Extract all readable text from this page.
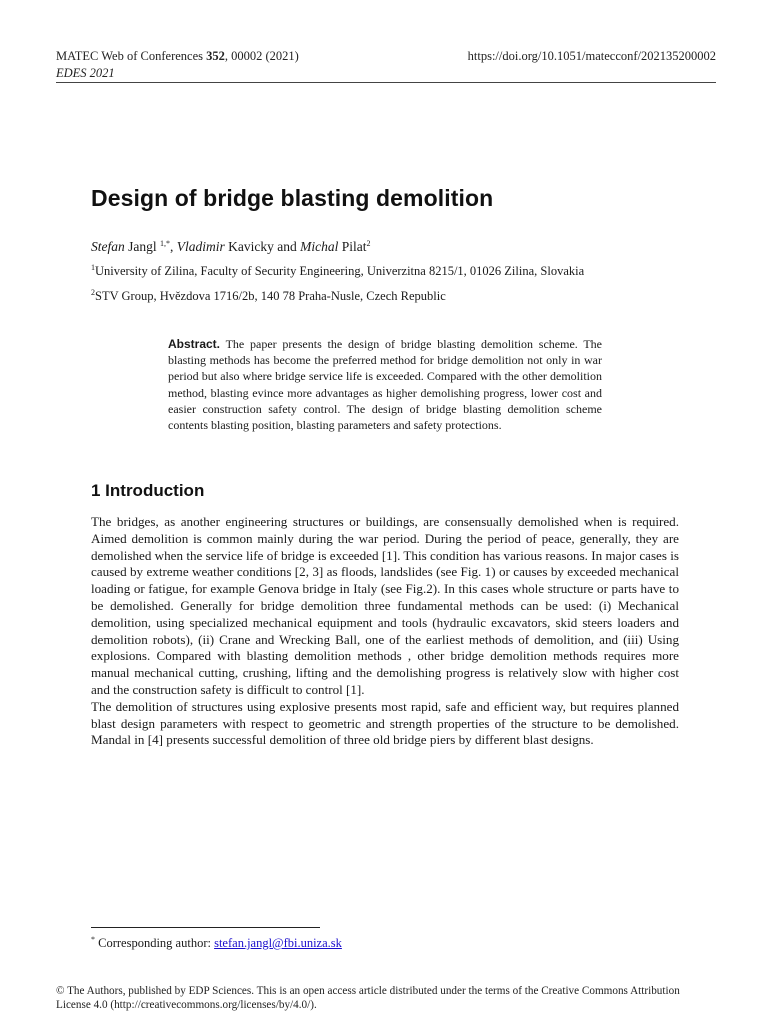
MATEC Web of Conferences 352, 00002 (2021)
EDES 2021
https://doi.org/10.1051/matecconf/202135200002
Design of bridge blasting demolition
Stefan Jangl $^{1,*}$, Vladimir Kavicky and Michal Pilat$^2$
$^1$University of Zilina, Faculty of Security Engineering, Univerzitna 8215/1, 01026 Zilina, Slovakia
$^2$STV Group, Hvězdova 1716/2b, 140 78 Praha-Nusle, Czech Republic
Abstract. The paper presents the design of bridge blasting demolition scheme. The blasting methods has become the preferred method for bridge demolition not only in war period but also where bridge service life is exceeded. Compared with the other demolition method, blasting evince more advantages as higher demolishing progress, lower cost and easier construction safety control. The design of bridge blasting demolition scheme contents blasting position, blasting parameters and safety protections.
1 Introduction

The bridges, as another engineering structures or buildings, are consensually demolished when is required. Aimed demolition is common mainly during the war period. During the period of peace, generally, they are demolished when the service life of bridge is exceeded [1]. This condition has various reasons. In major cases is caused by extreme weather conditions [2, 3] as floods, landslides (see Fig. 1) or causes by exceeded mechanical loading or fatigue, for example Genova bridge in Italy (see Fig.2). In this cases whole structure or parts have to be demolished. Generally for bridge demolition three fundamental methods can be used: (i) Mechanical demolition, using specialized mechanical equipment and tools (hydraulic excavators, skid steers loaders and demolition robots), (ii) Crane and Wrecking Ball, one of the earliest methods of demolition, and (iii) Using explosions. Compared with blasting demolition methods , other bridge demolition methods requires more manual mechanical cutting, crushing, lifting and the demolishing progress is relatively slow with higher cost and the construction safety is difficult to control [1].

The demolition of structures using explosive presents most rapid, safe and efficient way, but requires planned blast design parameters with respect to geometric and strength properties of the structure to be demolished. Mandal in [4] presents successful demolition of three old bridge piers by different blast designs.

* Corresponding author: stefan.jangl@fbi.uniza.sk
© The Authors, published by EDP Sciences. This is an open access article distributed under the terms of the Creative Commons Attribution License 4.0 (http://creativecommons.org/licenses/by/4.0/).
